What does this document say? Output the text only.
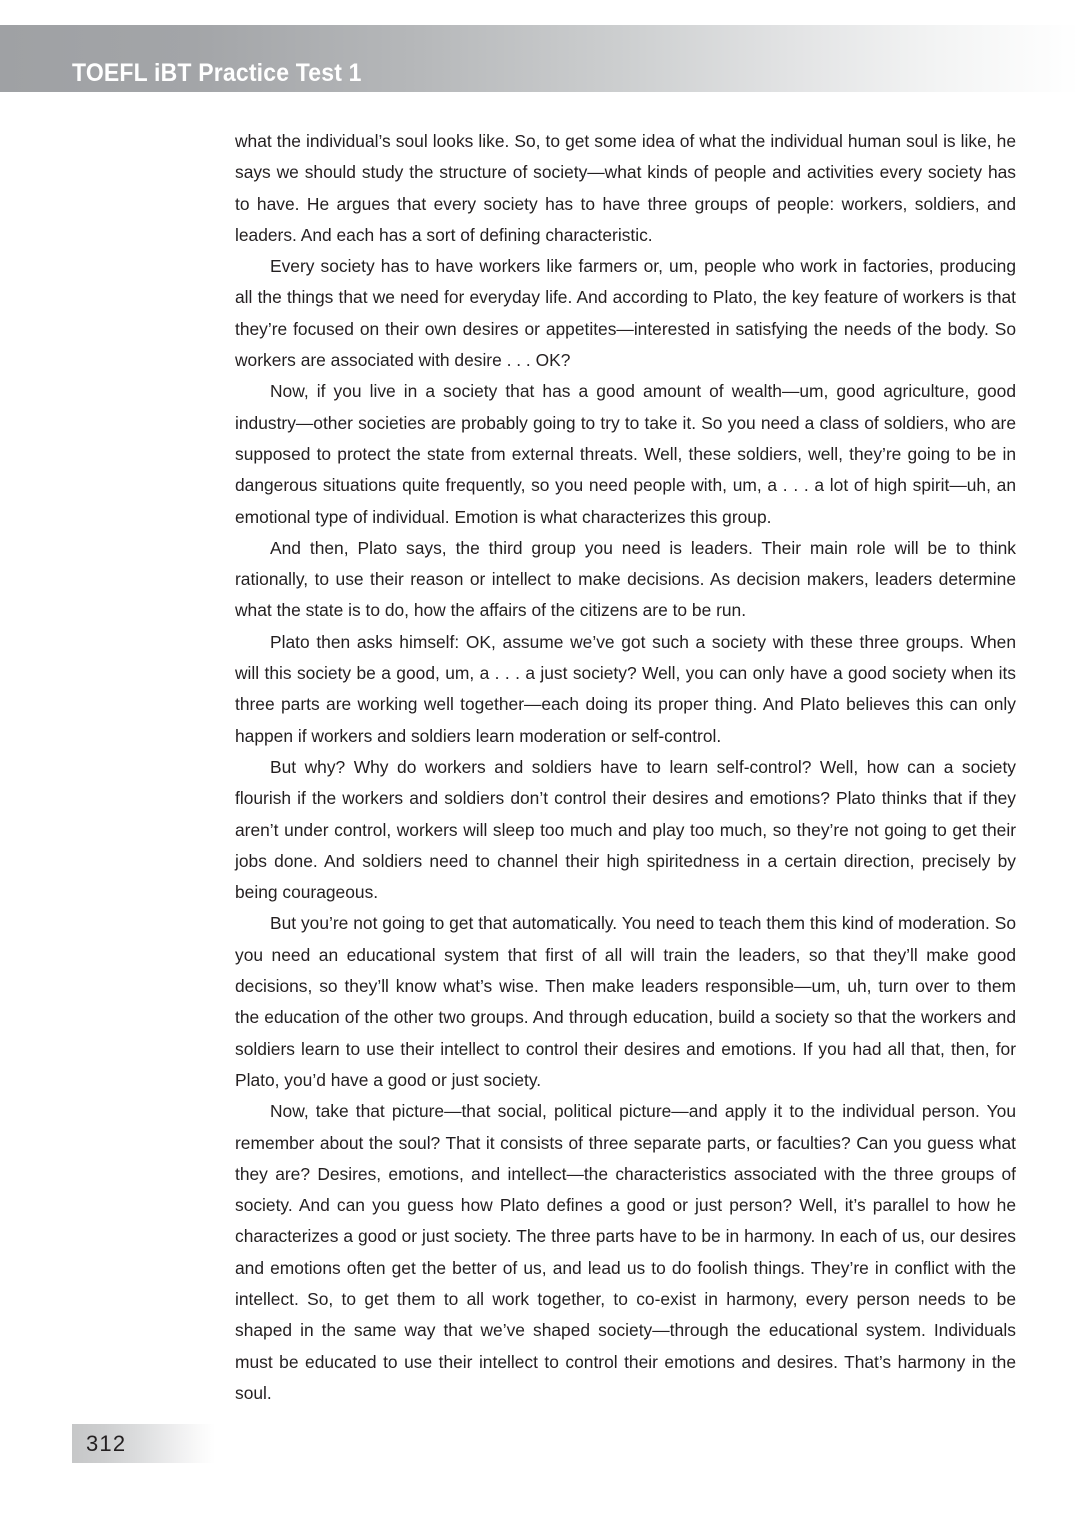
TOEFL iBT Practice Test 1

what the individual’s soul looks like. So, to get some idea of what the individual human soul is like, he says we should study the structure of society—what kinds of people and activities every society has to have. He argues that every society has to have three groups of people: workers, soldiers, and leaders. And each has a sort of defining characteristic.

Every society has to have workers like farmers or, um, people who work in factories, producing all the things that we need for everyday life. And according to Plato, the key feature of workers is that they’re focused on their own desires or appetites—interested in satisfying the needs of the body. So workers are associated with desire . . . OK?

Now, if you live in a society that has a good amount of wealth—um, good agriculture, good industry—other societies are probably going to try to take it. So you need a class of soldiers, who are supposed to protect the state from external threats. Well, these soldiers, well, they’re going to be in dangerous situations quite frequently, so you need people with, um, a . . . a lot of high spirit—uh, an emotional type of individual. Emotion is what characterizes this group.

And then, Plato says, the third group you need is leaders. Their main role will be to think rationally, to use their reason or intellect to make decisions. As decision makers, leaders determine what the state is to do, how the affairs of the citizens are to be run.

Plato then asks himself: OK, assume we’ve got such a society with these three groups. When will this society be a good, um, a . . . a just society? Well, you can only have a good society when its three parts are working well together—each doing its proper thing. And Plato believes this can only happen if workers and soldiers learn moderation or self-control.

But why? Why do workers and soldiers have to learn self-control? Well, how can a society flourish if the workers and soldiers don’t control their desires and emotions? Plato thinks that if they aren’t under control, workers will sleep too much and play too much, so they’re not going to get their jobs done. And soldiers need to channel their high spiritedness in a certain direction, precisely by being courageous.

But you’re not going to get that automatically. You need to teach them this kind of moderation. So you need an educational system that first of all will train the leaders, so that they’ll make good decisions, so they’ll know what’s wise. Then make leaders responsible—um, uh, turn over to them the education of the other two groups. And through education, build a society so that the workers and soldiers learn to use their intellect to control their desires and emotions. If you had all that, then, for Plato, you’d have a good or just society.

Now, take that picture—that social, political picture—and apply it to the individual person. You remember about the soul? That it consists of three separate parts, or faculties? Can you guess what they are? Desires, emotions, and intellect—the characteristics associated with the three groups of society. And can you guess how Plato defines a good or just person? Well, it’s parallel to how he characterizes a good or just society. The three parts have to be in harmony. In each of us, our desires and emotions often get the better of us, and lead us to do foolish things. They’re in conflict with the intellect. So, to get them to all work together, to co-exist in harmony, every person needs to be shaped in the same way that we’ve shaped society—through the educational system. Individuals must be educated to use their intellect to control their emotions and desires. That’s harmony in the soul.

312
